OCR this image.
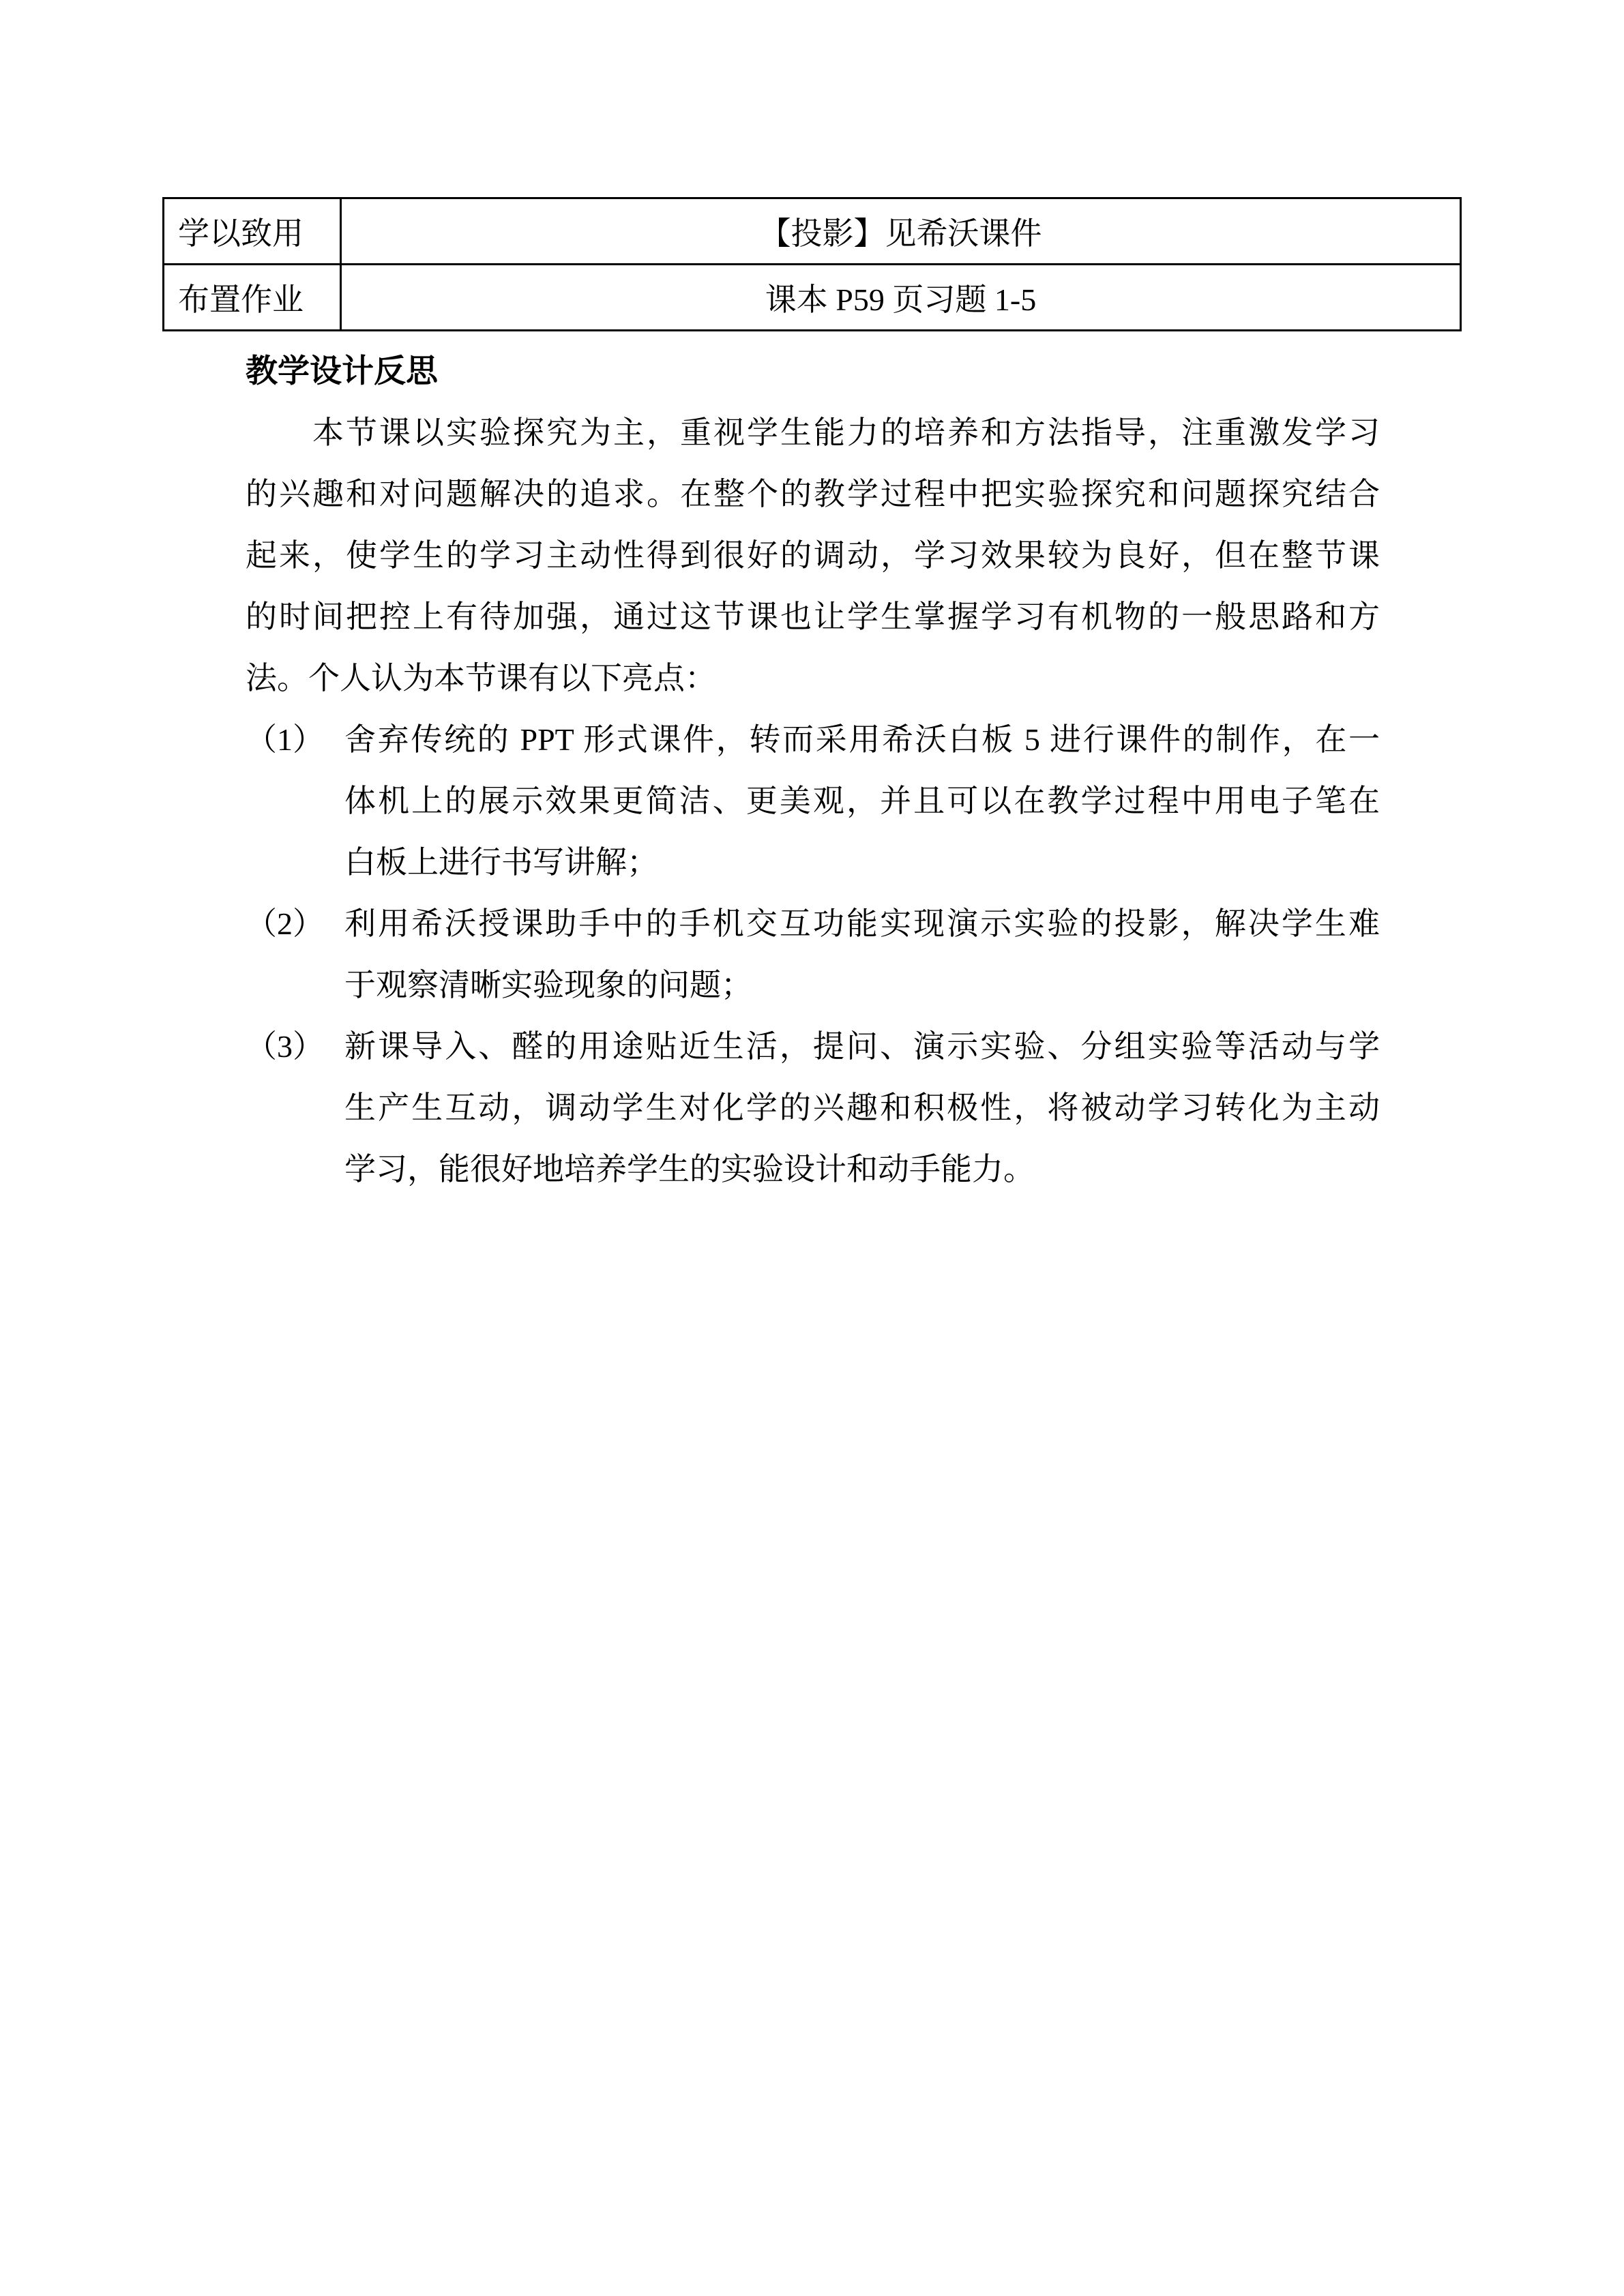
学以致用	【投影】见希沃课件
布置作业	课本 P59 页习题 1-5
教学设计反思
本节课以实验探究为主，重视学生能力的培养和方法指导，注重激发学习
的兴趣和对问题解决的追求。在整个的教学过程中把实验探究和问题探究结合
起来，使学生的学习主动性得到很好的调动，学习效果较为良好，但在整节课
的时间把控上有待加强，通过这节课也让学生掌握学习有机物的一般思路和方
法。个人认为本节课有以下亮点：
（1） 舍弃传统的 PPT 形式课件，转而采用希沃白板 5 进行课件的制作，在一
体机上的展示效果更简洁、更美观，并且可以在教学过程中用电子笔在
白板上进行书写讲解；
（2） 利用希沃授课助手中的手机交互功能实现演示实验的投影，解决学生难
于观察清晰实验现象的问题；
（3） 新课导入、醛的用途贴近生活，提问、演示实验、分组实验等活动与学
生产生互动，调动学生对化学的兴趣和积极性，将被动学习转化为主动
学习，能很好地培养学生的实验设计和动手能力。
